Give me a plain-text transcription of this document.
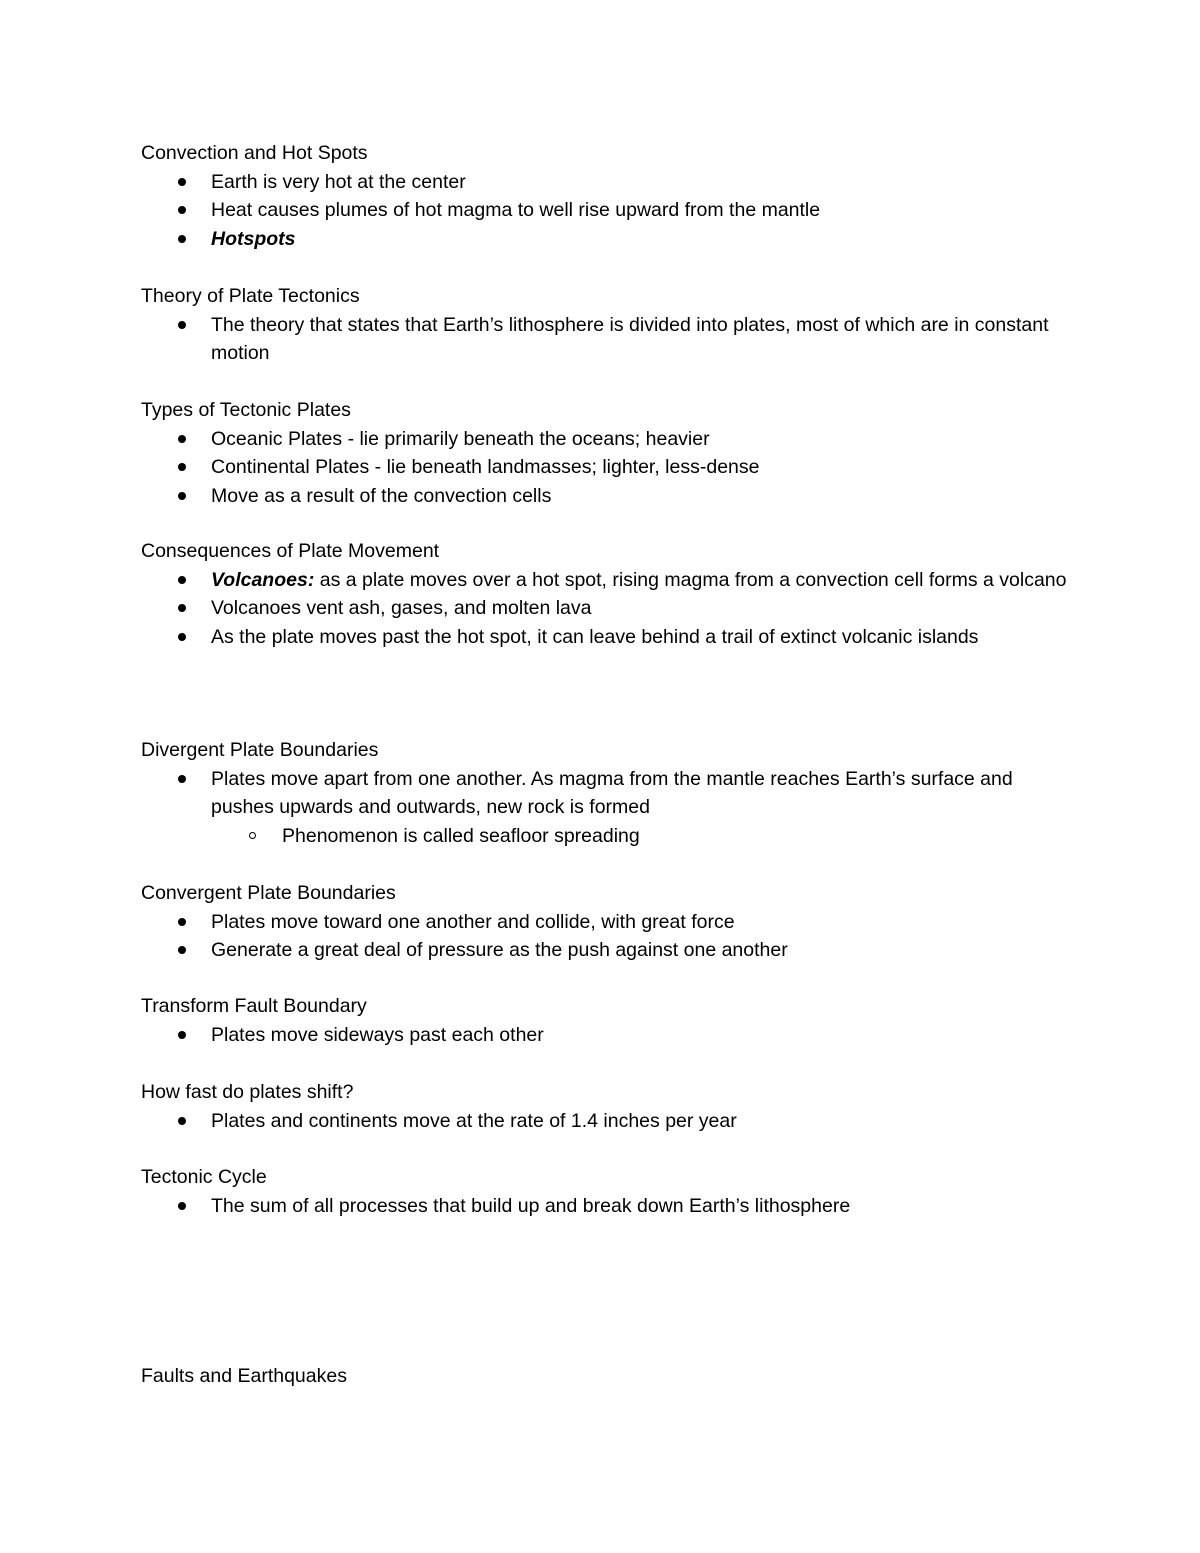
Convection and Hot Spots
Earth is very hot at the center
Heat causes plumes of hot magma to well rise upward from the mantle
Hotspots
Theory of Plate Tectonics
The theory that states that Earth’s lithosphere is divided into plates, most of which are in constant motion
Types of Tectonic Plates
Oceanic Plates - lie primarily beneath the oceans; heavier
Continental Plates - lie beneath landmasses; lighter, less-dense
Move as a result of the convection cells
Consequences of Plate Movement
Volcanoes: as a plate moves over a hot spot, rising magma from a convection cell forms a volcano
Volcanoes vent ash, gases, and molten lava
As the plate moves past the hot spot, it can leave behind a trail of extinct volcanic islands
Divergent Plate Boundaries
Plates move apart from one another. As magma from the mantle reaches Earth’s surface and pushes upwards and outwards, new rock is formed
Phenomenon is called seafloor spreading
Convergent Plate Boundaries
Plates move toward one another and collide, with great force
Generate a great deal of pressure as the push against one another
Transform Fault Boundary
Plates move sideways past each other
How fast do plates shift?
Plates and continents move at the rate of 1.4 inches per year
Tectonic Cycle
The sum of all processes that build up and break down Earth’s lithosphere
Faults and Earthquakes
